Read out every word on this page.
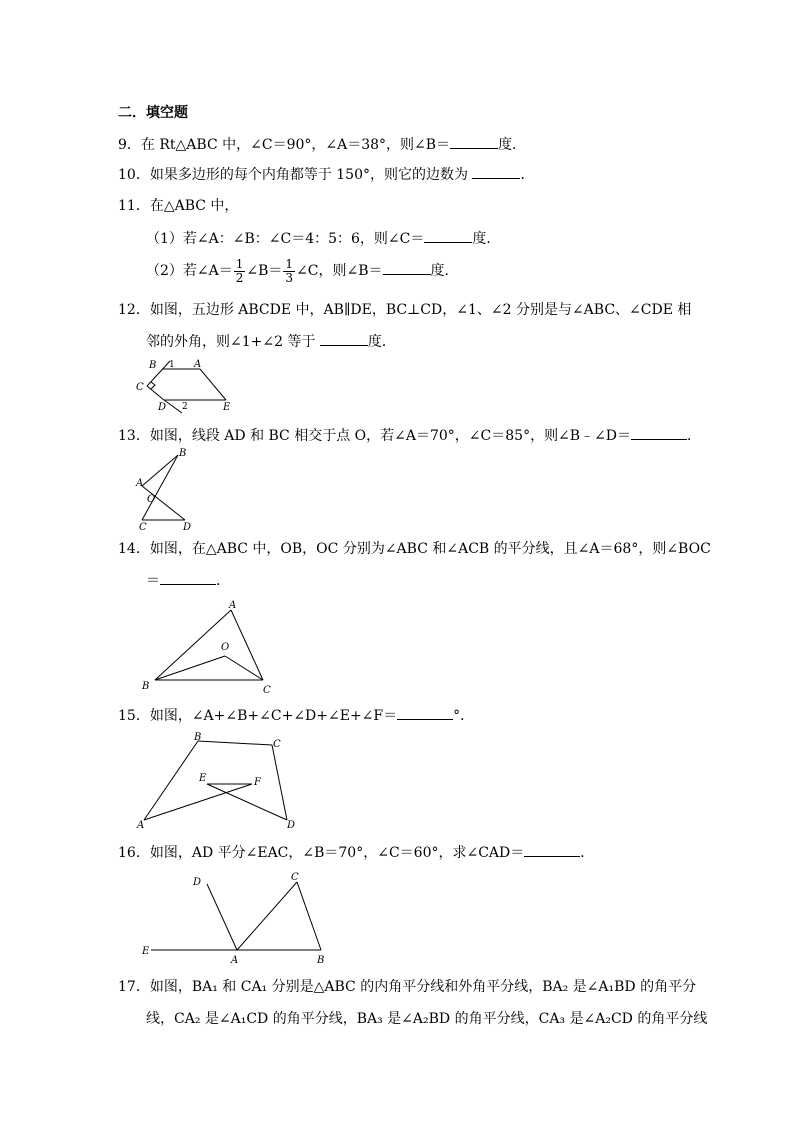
二．填空题
9．在 Rt△ABC 中，∠C＝90°，∠A＝38°，则∠B＝	度．
10．如果多边形的每个内角都等于 150°，则它的边数为	．
11．在△ABC 中，
（1）若∠A：∠B：∠C＝4：5：6，则∠C＝	度．
（2）若∠A＝ $\frac{1}{2}$ ∠B＝ $\frac{1}{3}$ ∠C，则∠B＝	度．
12．如图，五边形 ABCDE 中，AB∥DE，BC⊥CD，∠1、∠2 分别是与∠ABC、∠CDE 相
邻的外角，则∠1+∠2 等于	度．
B	A
1
C
D 2	E
13．如图，线段 AD 和 BC 相交于点 O，若∠A＝70°，∠C＝85°，则∠B﹣∠D＝	．
B
A
O
C	D
14．如图，在△ABC 中，OB，OC 分别为∠ABC 和∠ACB 的平分线，且∠A＝68°，则∠BOC
＝	．
A
O
B	C
15．如图，∠A+∠B+∠C+∠D+∠E+∠F＝	°．
B
C
E	F
A	D
16．如图，AD 平分∠EAC，∠B＝70°，∠C＝60°，求∠CAD＝	．
D	C
E
A	B
17．如图，BA₁ 和 CA₁ 分别是△ABC 的内角平分线和外角平分线，BA₂ 是∠A₁BD 的角平分
线，CA₂ 是∠A₁CD 的角平分线，BA₃ 是∠A₂BD 的角平分线，CA₃ 是∠A₂CD 的角平分线
